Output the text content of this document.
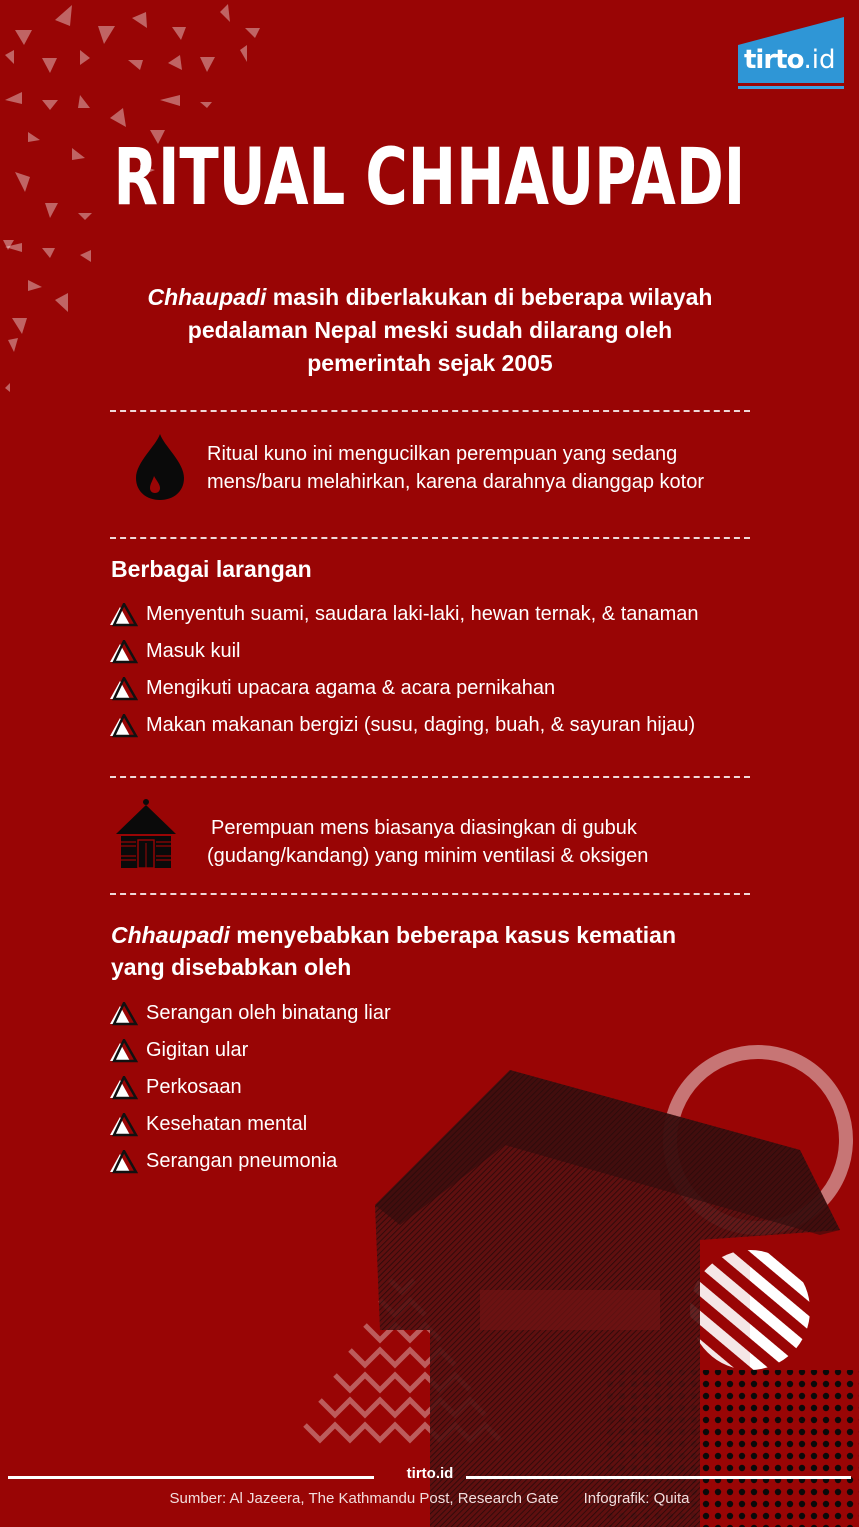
tirto.id
RITUAL CHHAUPADI
Chhaupadi masih diberlakukan di beberapa wilayah
pedalaman Nepal meski sudah dilarang oleh
pemerintah sejak 2005
Ritual kuno ini mengucilkan perempuan yang sedang
mens/baru melahirkan, karena darahnya dianggap kotor
Berbagai larangan
Menyentuh suami, saudara laki-laki, hewan ternak, & tanaman
Masuk kuil
Mengikuti upacara agama & acara pernikahan
Makan makanan bergizi (susu, daging, buah, & sayuran hijau)
Perempuan mens biasanya diasingkan di gubuk
(gudang/kandang) yang minim ventilasi & oksigen
Chhaupadi menyebabkan beberapa kasus kematian
yang disebabkan oleh
Serangan oleh binatang liar
Gigitan ular
Perkosaan
Kesehatan mental
Serangan pneumonia
tirto.id
Sumber: Al Jazeera, The Kathmandu Post, Research Gate      Infografik: Quita
